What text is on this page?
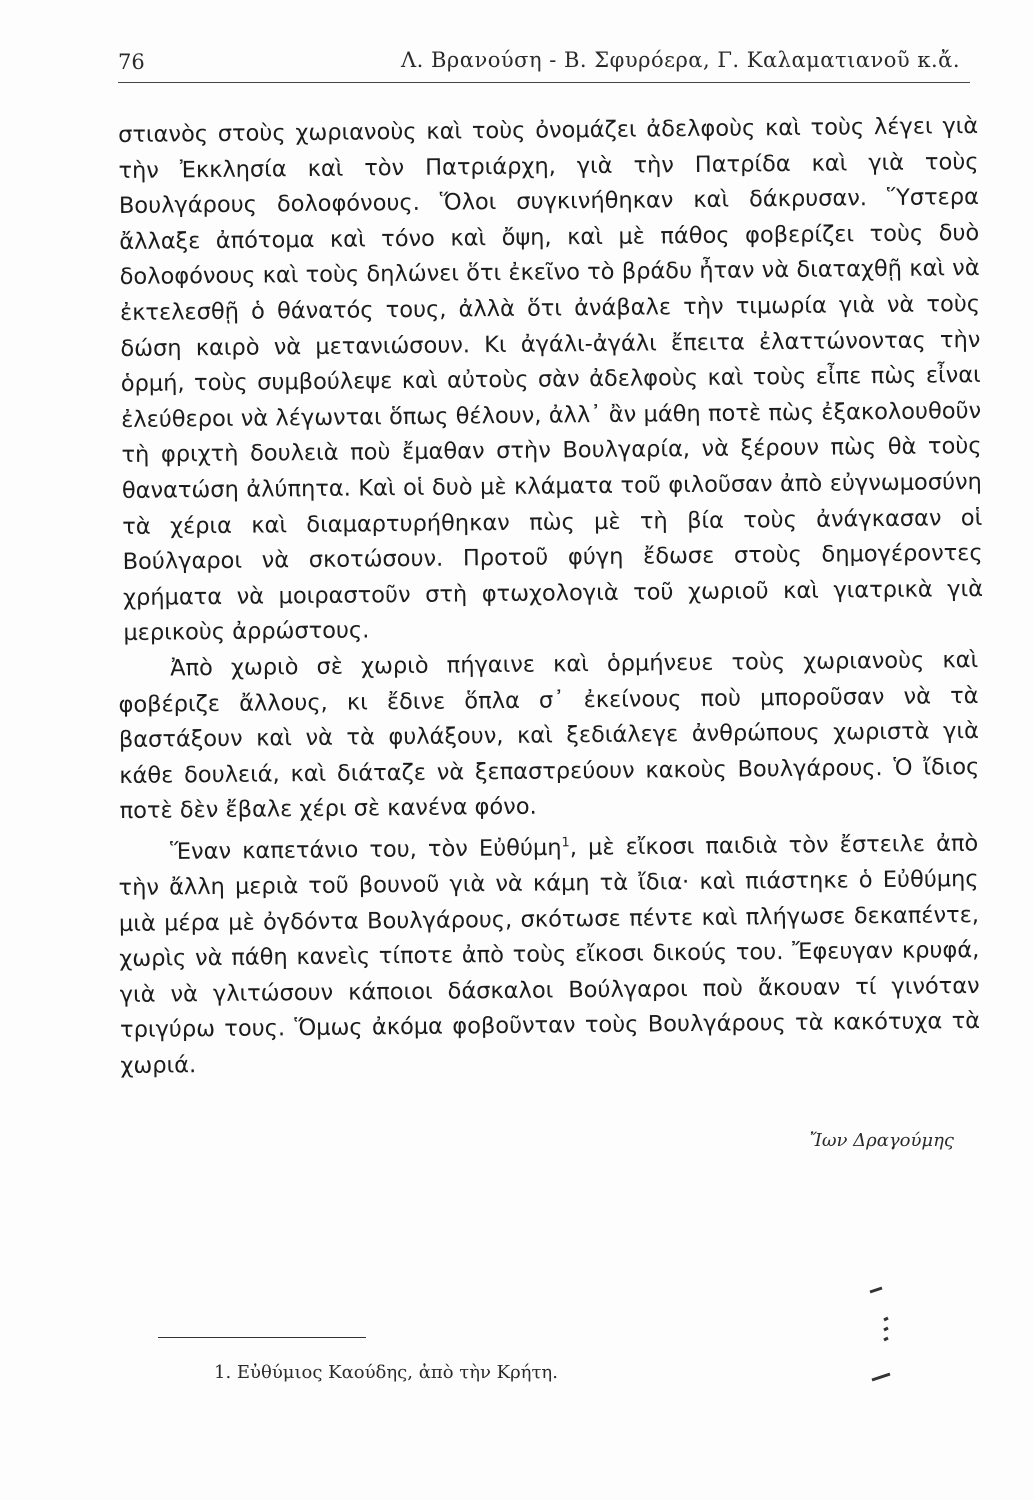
76	Λ. Βρανούση - Β. Σφυρόερα, Γ. Καλαματιανοῦ κ.ἄ.

στιανὸς στοὺς χωριανοὺς καὶ τοὺς ὀνομάζει ἀδελφοὺς καὶ τοὺς λέγει γιὰ τὴν Ἐκκλησία καὶ τὸν Πατριάρχη, γιὰ τὴν Πατρίδα καὶ γιὰ τοὺς Βουλγάρους δολοφόνους. Ὅλοι συγκινήθηκαν καὶ δάκρυσαν. Ὕστερα ἄλλαξε ἀπότομα καὶ τόνο καὶ ὄψη, καὶ μὲ πάθος φοβερίζει τοὺς δυὸ δολοφόνους καὶ τοὺς δηλώνει ὅτι ἐκεῖνο τὸ βράδυ ἦταν νὰ διαταχθῇ καὶ νὰ ἐκτελεσθῇ ὁ θάνατός τους, ἀλλὰ ὅτι ἀνάβαλε τὴν τιμωρία γιὰ νὰ τοὺς δώση καιρὸ νὰ μετανιώσουν. Κι ἀγάλι-ἀγάλι ἔπειτα ἐλαττώνοντας τὴν ὁρμή, τοὺς συμβούλεψε καὶ αὐτοὺς σὰν ἀδελφοὺς καὶ τοὺς εἶπε πὼς εἶναι ἐλεύθεροι νὰ λέγωνται ὅπως θέλουν, ἀλλ᾽ ἂν μάθη ποτὲ πὼς ἐξακολουθοῦν τὴ φριχτὴ δουλειὰ ποὺ ἔμαθαν στὴν Βουλγαρία, νὰ ξέρουν πὼς θὰ τοὺς θανατώση ἀλύπητα. Καὶ οἱ δυὸ μὲ κλάματα τοῦ φιλοῦσαν ἀπὸ εὐγνωμοσύνη τὰ χέρια καὶ διαμαρτυρήθηκαν πὼς μὲ τὴ βία τοὺς ἀνάγκασαν οἱ Βούλγαροι νὰ σκοτώσουν. Προτοῦ φύγη ἔδωσε στοὺς δημογέροντες χρήματα νὰ μοιραστοῦν στὴ φτωχολογιὰ τοῦ χωριοῦ καὶ γιατρικὰ γιὰ μερικοὺς ἀρρώστους.

Ἀπὸ χωριὸ σὲ χωριὸ πήγαινε καὶ ὁρμήνευε τοὺς χωριανοὺς καὶ φοβέριζε ἄλλους, κι ἔδινε ὅπλα σ᾽ ἐκείνους ποὺ μποροῦσαν νὰ τὰ βαστάξουν καὶ νὰ τὰ φυλάξουν, καὶ ξεδιάλεγε ἀνθρώπους χωριστὰ γιὰ κάθε δουλειά, καὶ διάταζε νὰ ξεπαστρεύουν κακοὺς Βουλγάρους. Ὁ ἴδιος ποτὲ δὲν ἔβαλε χέρι σὲ κανένα φόνο.

Ἕναν καπετάνιο του, τὸν Εὐθύμη$^1$, μὲ εἴκοσι παιδιὰ τὸν ἔστειλε ἀπὸ τὴν ἄλλη μεριὰ τοῦ βουνοῦ γιὰ νὰ κάμη τὰ ἴδια· καὶ πιάστηκε ὁ Εὐθύμης μιὰ μέρα μὲ ὀγδόντα Βουλγάρους, σκότωσε πέντε καὶ πλήγωσε δεκαπέντε, χωρὶς νὰ πάθη κανεὶς τίποτε ἀπὸ τοὺς εἴκοσι δικούς του. Ἔφευγαν κρυφά, γιὰ νὰ γλιτώσουν κάποιοι δάσκαλοι Βούλγαροι ποὺ ἄκουαν τί γινόταν τριγύρω τους. Ὅμως ἀκόμα φοβοῦνταν τοὺς Βουλγάρους τὰ κακότυχα τὰ χωριά.

Ἴων Δραγούμης
1. Εὐθύμιος Καούδης, ἀπὸ τὴν Κρήτη.
